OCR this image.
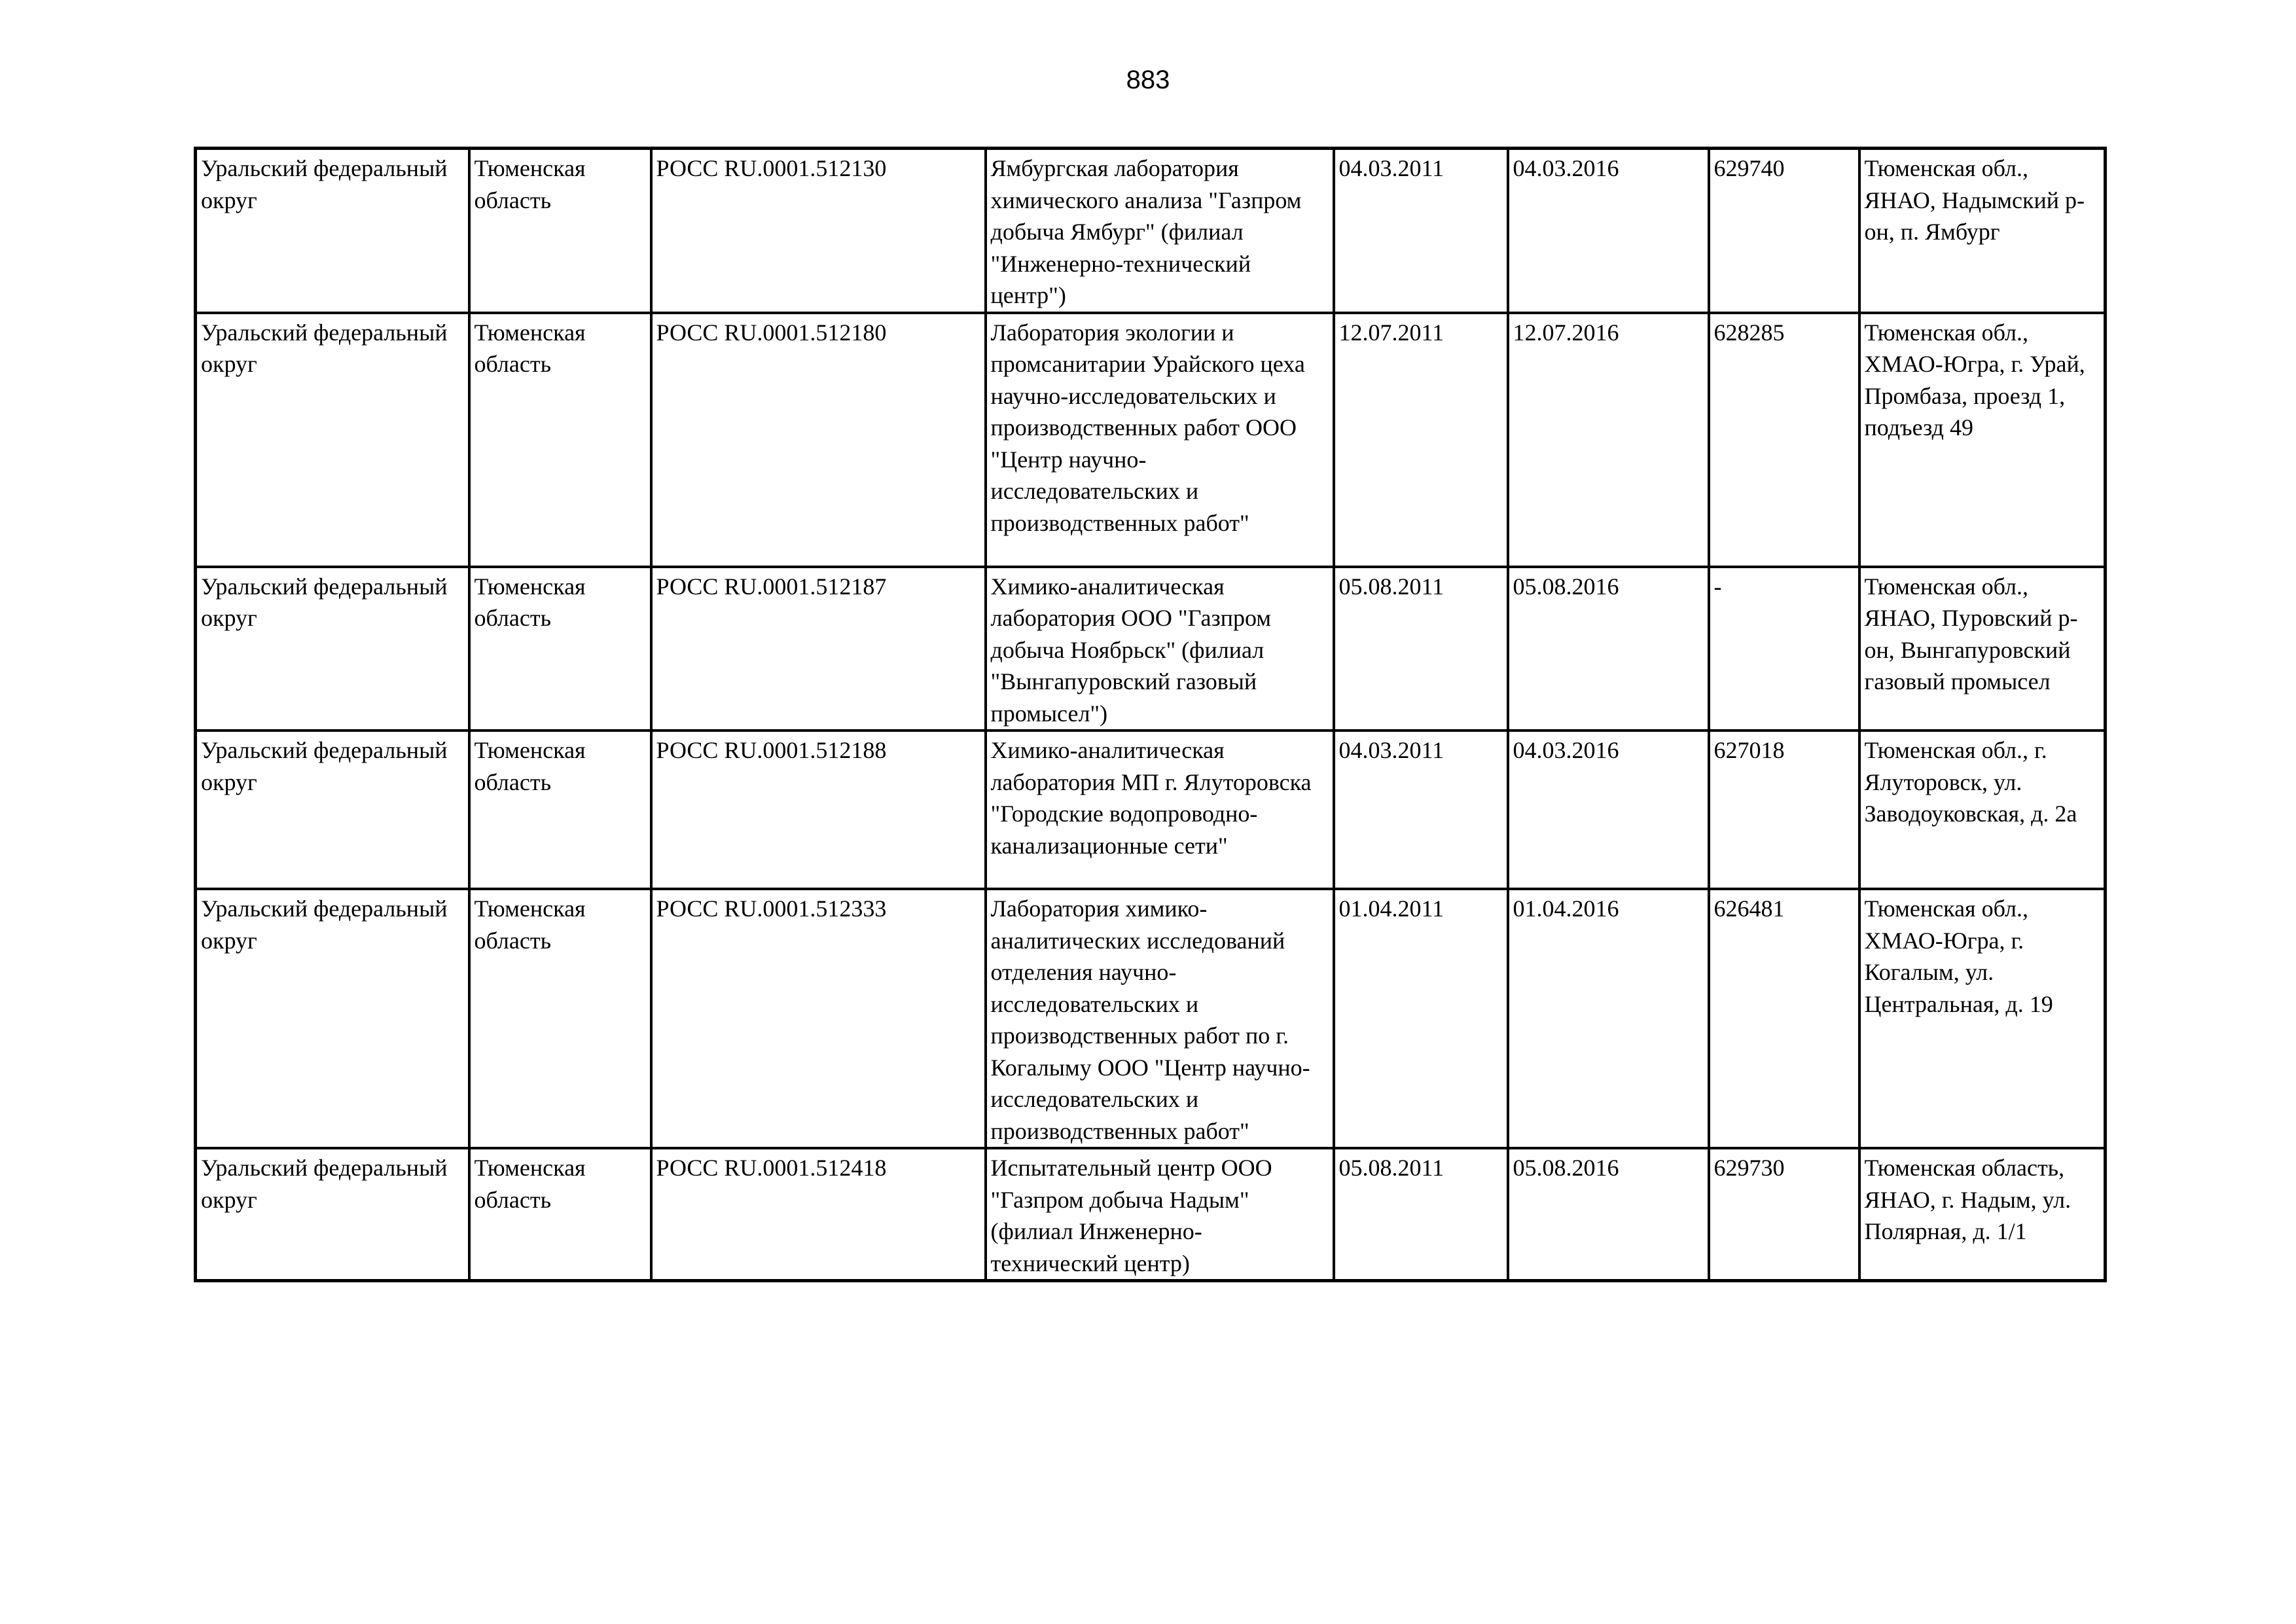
883
Уральский федеральный округ	Тюменская область	РОСС RU.0001.512130	Ямбургская лаборатория химического анализа "Газпром добыча Ямбург" (филиал "Инженерно-технический центр")	04.03.2011	04.03.2016	629740	Тюменская обл., ЯНАО, Надымский р-он, п. Ямбург
Уральский федеральный округ	Тюменская область	РОСС RU.0001.512180	Лаборатория экологии и промсанитарии Урайского цеха научно-исследовательских и производственных работ ООО "Центр научно-исследовательских и производственных работ"	12.07.2011	12.07.2016	628285	Тюменская обл., ХМАО-Югра, г. Урай, Промбаза, проезд 1, подъезд 49
Уральский федеральный округ	Тюменская область	РОСС RU.0001.512187	Химико-аналитическая лаборатория ООО "Газпром добыча Ноябрьск" (филиал "Вынгапуровский газовый промысел")	05.08.2011	05.08.2016	-	Тюменская обл., ЯНАО, Пуровский р-он, Вынгапуровский газовый промысел
Уральский федеральный округ	Тюменская область	РОСС RU.0001.512188	Химико-аналитическая лаборатория МП г. Ялуторовска "Городские водопроводно-канализационные сети"	04.03.2011	04.03.2016	627018	Тюменская обл., г. Ялуторовск, ул. Заводоуковская, д. 2а
Уральский федеральный округ	Тюменская область	РОСС RU.0001.512333	Лаборатория химико-аналитических исследований отделения научно-исследовательских и производственных работ по г. Когалыму ООО "Центр научно-исследовательских и производственных работ"	01.04.2011	01.04.2016	626481	Тюменская обл., ХМАО-Югра, г. Когалым, ул. Центральная, д. 19
Уральский федеральный округ	Тюменская область	РОСС RU.0001.512418	Испытательный центр ООО "Газпром добыча Надым" (филиал Инженерно-технический центр)	05.08.2011	05.08.2016	629730	Тюменская область, ЯНАО, г. Надым, ул. Полярная, д. 1/1
